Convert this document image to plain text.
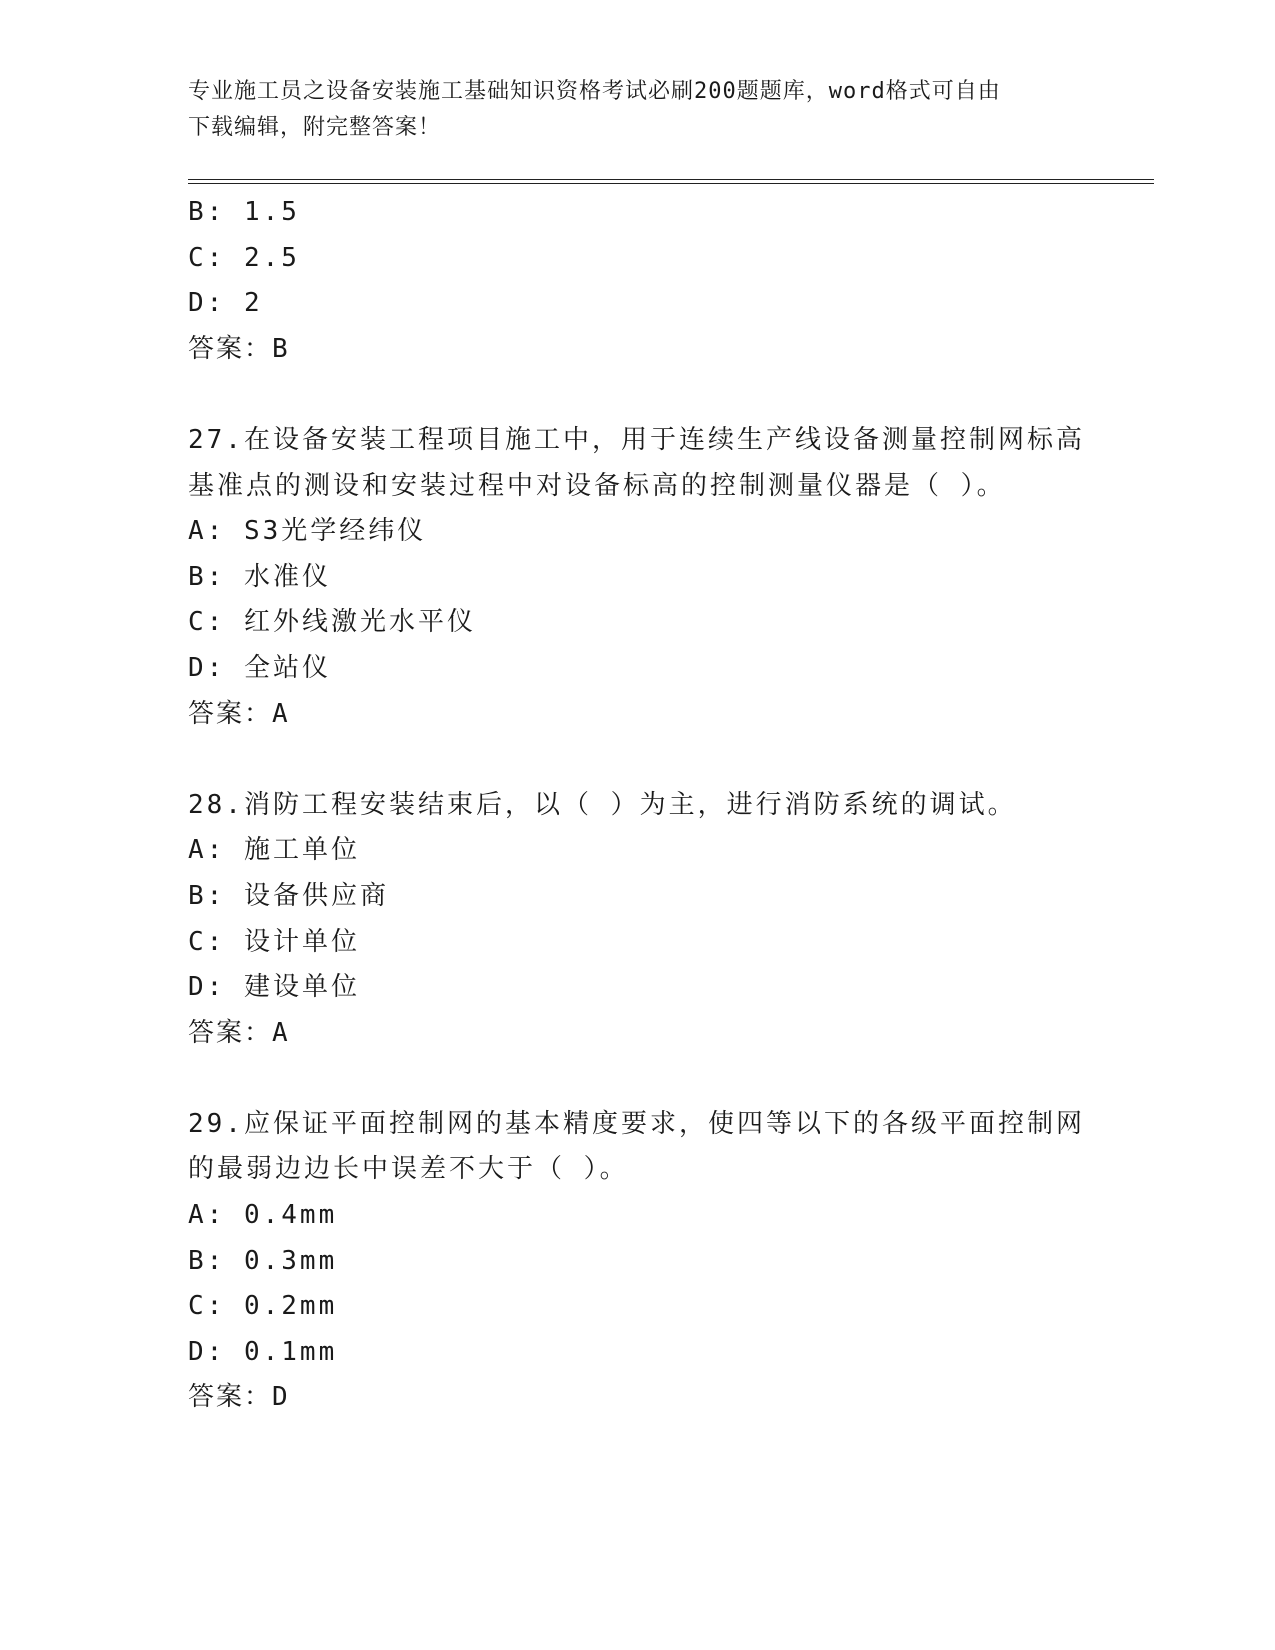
专业施工员之设备安装施工基础知识资格考试必刷200题题库，word格式可自由
下载编辑，附完整答案！
B: 1.5
C: 2.5
D: 2
答案：B
27.在设备安装工程项目施工中，用于连续生产线设备测量控制网标高
基准点的测设和安装过程中对设备标高的控制测量仪器是（ ）。
A: S3光学经纬仪
B: 水准仪
C: 红外线激光水平仪
D: 全站仪
答案：A
28.消防工程安装结束后，以（ ）为主，进行消防系统的调试。
A: 施工单位
B: 设备供应商
C: 设计单位
D: 建设单位
答案：A
29.应保证平面控制网的基本精度要求，使四等以下的各级平面控制网
的最弱边边长中误差不大于（ ）。
A: 0.4mm
B: 0.3mm
C: 0.2mm
D: 0.1mm
答案：D
